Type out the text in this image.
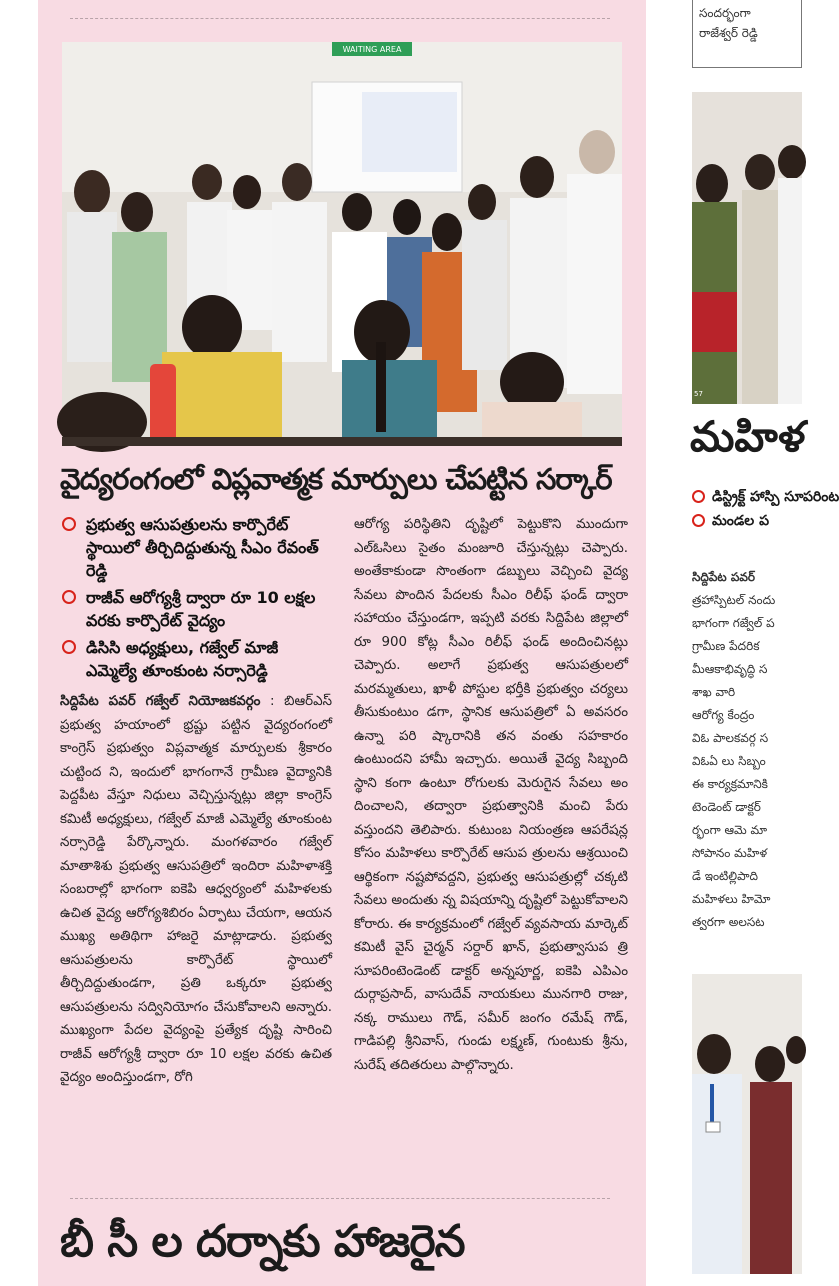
WAITING AREA
వైద్యరంగంలో విప్లవాత్మక మార్పులు చేపట్టిన సర్కార్
ప్రభుత్వ ఆసుపత్రులను కార్పొరేట్ స్థాయిలో తీర్చిదిద్దుతున్న సీఎం రేవంత్ రెడ్డి
రాజీవ్ ఆరోగ్యశ్రీ ద్వారా రూ 10 లక్షల వరకు కార్పొరేట్ వైద్యం
డిసిసి అధ్యక్షులు, గజ్వేల్ మాజీ ఎమ్మెల్యే తూంకుంట నర్సారెడ్డి

సిద్దిపేట పవర్ గజ్వేల్ నియోజకవర్గం : బిఆర్ఎస్ ప్రభుత్వ హయాంలో భ్రష్టు పట్టిన వైద్యరంగంలో కాంగ్రెస్ ప్రభుత్వం విప్లవాత్మక మార్పులకు శ్రీకారం చుట్టింద ని, ఇందులో భాగంగానే గ్రామీణ వైద్యానికి పెద్దపీట వేస్తూ నిధులు వెచ్చిస్తున్నట్లు జిల్లా కాంగ్రెస్ కమిటీ అధ్యక్షులు, గజ్వేల్ మాజీ ఎమ్మెల్యే తూంకుంట నర్సారెడ్డి పేర్కొన్నారు. మంగళవారం గజ్వేల్ మాతాశిశు ప్రభుత్వ ఆసుపత్రిలో ఇందిరా మహిళాశక్తి సంబరాల్లో భాగంగా ఐకెపి ఆధ్వర్యంలో మహిళలకు ఉచిత వైద్య ఆరోగ్యశిబిరం ఏర్పాటు చేయగా, ఆయన ముఖ్య అతిథిగా హాజరై మాట్లాడారు. ప్రభుత్వ ఆసుపత్రులను కార్పొరేట్ స్థాయిలో తీర్చిదిద్దుతుండగా, ప్రతి ఒక్కరూ ప్రభుత్వ ఆసుపత్రులను సద్వినియోగం చేసుకోవాలని అన్నారు. ముఖ్యంగా పేదల వైద్యంపై ప్రత్యేక దృష్టి సారించి రాజీవ్ ఆరోగ్యశ్రీ ద్వారా రూ 10 లక్షల వరకు ఉచిత వైద్యం అందిస్తుండగా, రోగి

ఆరోగ్య పరిస్థితిని దృష్టిలో పెట్టుకొని ముందుగా ఎల్ఓసిలు సైతం మంజూరి చేస్తున్నట్లు చెప్పారు. అంతేకాకుండా సొంతంగా డబ్బులు వెచ్చించి వైద్య సేవలు పొందిన పేదలకు సీఎం రిలీఫ్ ఫండ్ ద్వారా సహాయం చేస్తుండగా, ఇప్పటి వరకు సిద్దిపేట జిల్లాలో రూ 900 కోట్ల సీఎం రిలీఫ్ ఫండ్ అందించినట్లు చెప్పారు. అలాగే ప్రభుత్వ ఆసుపత్రులలో మరమ్మతులు, ఖాళీ పోస్టుల భర్తీకి ప్రభుత్వం చర్యలు తీసుకుంటుం డగా, స్థానిక ఆసుపత్రిలో ఏ అవసరం ఉన్నా పరి ష్కారానికి తన వంతు సహకారం ఉంటుందని హామీ ఇచ్చారు. అయితే వైద్య సిబ్బంది స్థాని కంగా ఉంటూ రోగులకు మెరుగైన సేవలు అం దించాలని, తద్వారా ప్రభుత్వానికి మంచి పేరు వస్తుందని తెలిపారు. కుటుంబ నియంత్రణ ఆపరేషన్ల కోసం మహిళలు కార్పొరేట్ ఆసుప త్రులను ఆశ్రయించి ఆర్థికంగా నష్టపోవద్దని, ప్రభుత్వ ఆసుపత్రుల్లో చక్కటి సేవలు అందుతు న్న విషయాన్ని దృష్టిలో పెట్టుకోవాలని కోరారు. ఈ కార్యక్రమంలో గజ్వేల్ వ్యవసాయ మార్కెట్ కమిటీ వైస్ చైర్మన్ సర్దార్ ఖాన్, ప్రభుత్వాసుప త్రి సూపరింటెండెంట్ డాక్టర్ అన్నపూర్ణ, ఐకెపి ఎపిఎం దుర్గాప్రసాద్, వాసుదేవ్ నాయకులు మునగారి రాజు, నక్క రాములు గౌడ్, సమీర్ జంగం రమేష్ గౌడ్, గాడిపల్లి శ్రీనివాస్, గుండు లక్ష్మణ్, గుంటుకు శ్రీను, సురేష్ తదితరులు పాల్గొన్నారు.

బీ సీ ల దర్నాకు హాజరైన
సందర్భంగా
రాజేశ్వర్ రెడ్డి
57
మహిళ
డిస్ట్రిక్ట్ హాస్పి సూపరింట
మండల ప
సిద్దిపేట పవర్
త్రహాస్పిటల్ నందు
భాగంగా గజ్వేల్ ప
గ్రామీణ పేదరిక
మీఆకాభివృద్ధి స
శాఖ వారి
ఆరోగ్య కేంద్రం
విఓ పాలకవర్గ స
విఓఏ లు సిబ్బం
ఈ కార్యక్రమానికి
టెండెంట్ డాక్టర్
ర్భంగా ఆమె మా
సోపానం మహిళ
డే ఇంటిల్లిపాది
మహిళలు హిమో
త్వరగా అలసట
